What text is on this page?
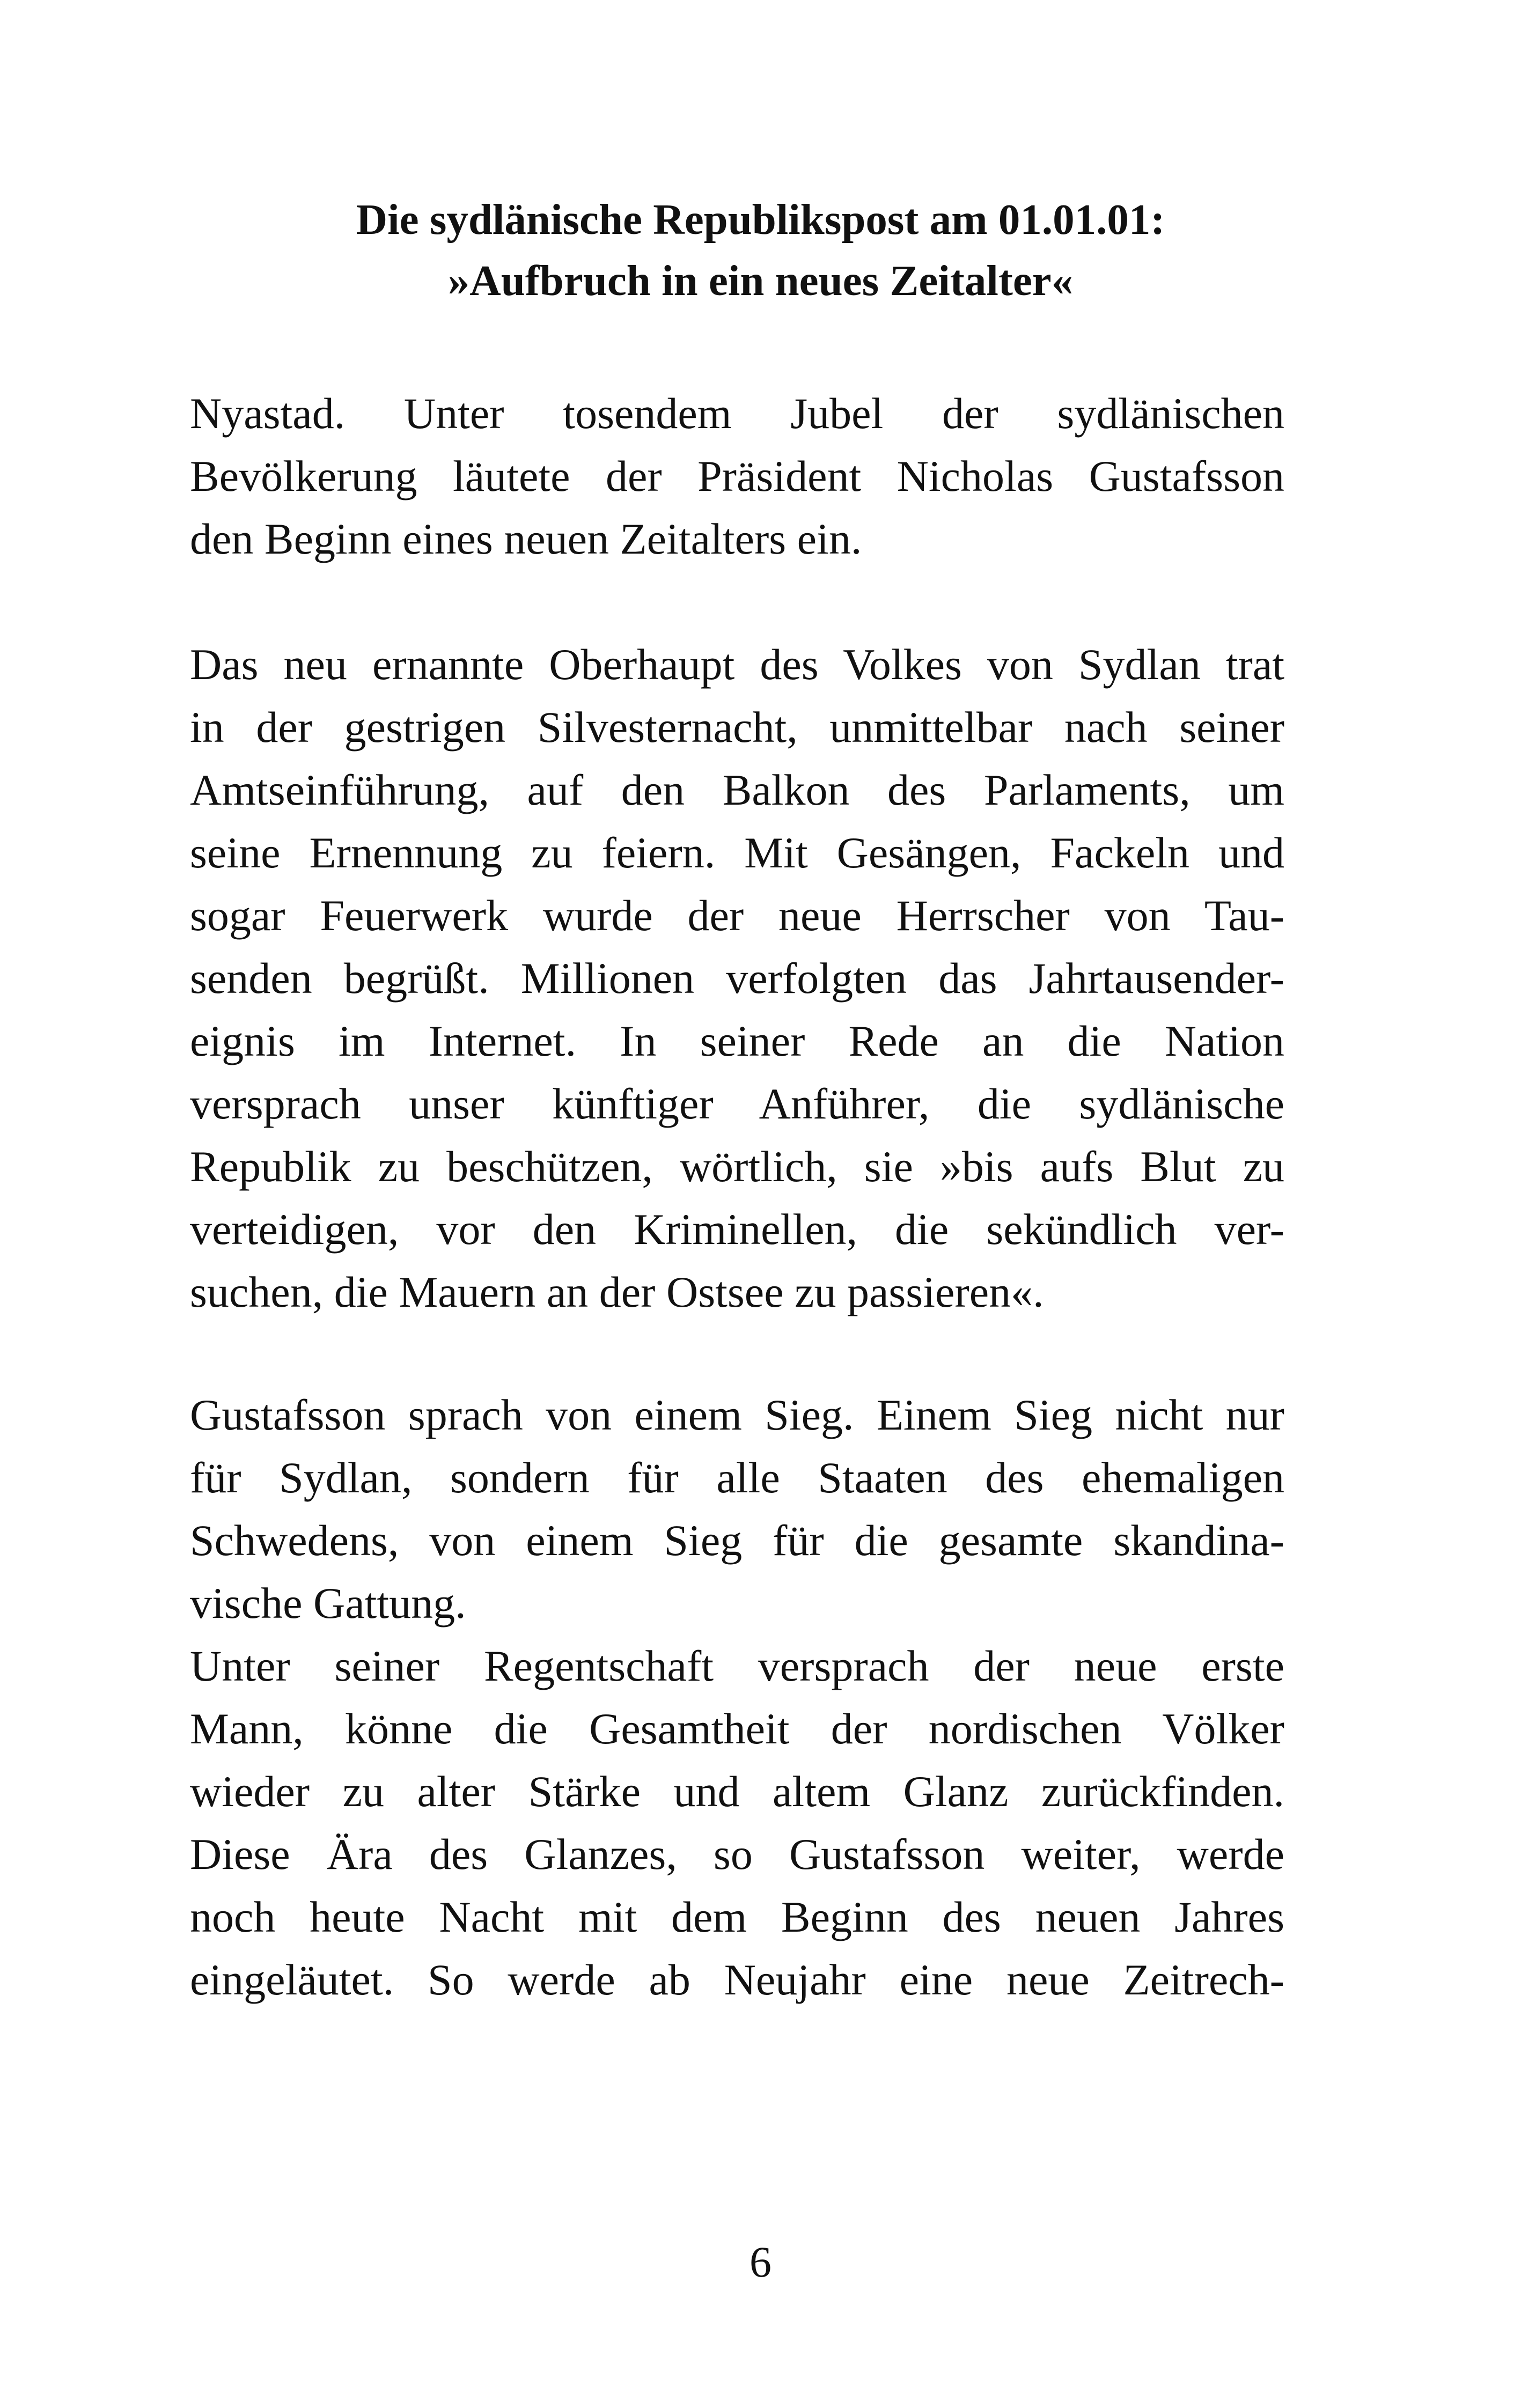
Die sydlänische Republikspost am 01.01.01:
»Aufbruch in ein neues Zeitalter«
Nyastad. Unter tosendem Jubel der sydlänischen
Bevölkerung läutete der Präsident Nicholas Gustafsson
den Beginn eines neuen Zeitalters ein.
Das neu ernannte Oberhaupt des Volkes von Sydlan trat
in der gestrigen Silvesternacht, unmittelbar nach seiner
Amtseinführung, auf den Balkon des Parlaments, um
seine Ernennung zu feiern. Mit Gesängen, Fackeln und
sogar Feuerwerk wurde der neue Herrscher von Tau-
senden begrüßt. Millionen verfolgten das Jahrtausender-
eignis im Internet. In seiner Rede an die Nation
versprach unser künftiger Anführer, die sydlänische
Republik zu beschützen, wörtlich, sie »bis aufs Blut zu
verteidigen, vor den Kriminellen, die sekündlich ver-
suchen, die Mauern an der Ostsee zu passieren«.
Gustafsson sprach von einem Sieg. Einem Sieg nicht nur
für Sydlan, sondern für alle Staaten des ehemaligen
Schwedens, von einem Sieg für die gesamte skandina-
vische Gattung.
Unter seiner Regentschaft versprach der neue erste
Mann, könne die Gesamtheit der nordischen Völker
wieder zu alter Stärke und altem Glanz zurückfinden.
Diese Ära des Glanzes, so Gustafsson weiter, werde
noch heute Nacht mit dem Beginn des neuen Jahres
eingeläutet. So werde ab Neujahr eine neue Zeitrech-
6
